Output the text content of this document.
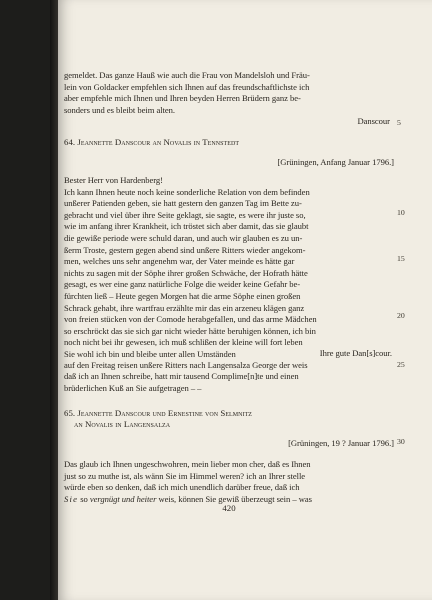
gemeldet. Das ganze Hauß wie auch die Frau von Mandelsloh und Fräu-
lein von Goldacker empfehlen sich Ihnen auf das freundschaftlichste ich
aber empfehle mich Ihnen und Ihren beyden Herren Brüdern ganz be-
sonders und es bleibt beim alten.
Danscour
64. Jeannette Danscour an Novalis in Tennstedt
[Grüningen, Anfang Januar 1796.]
Bester Herr von Hardenberg!
Ich kann Ihnen heute noch keine sonderliche Relation von dem befinden
unßerer Patienden geben, sie hatt gestern den ganzen Tag im Bette zu-
gebracht und viel über ihre Seite geklagt, sie sagte, es were ihr juste so,
wie im anfang ihrer Krankheit, ich tröstet sich aber damit, das sie glaubt
die gewiße periode were schuld daran, und auch wir glauben es zu un-
ßerm Troste, gestern gegen abend sind unßere Ritters wieder angekom-
men, welches uns sehr angenehm war, der Vater meinde es hätte gar
nichts zu sagen mit der Söphe ihrer großen Schwäche, der Hofrath hätte
gesagt, es wer eine ganz natürliche Folge die weider keine Gefahr be-
fürchten ließ – Heute gegen Morgen hat die arme Söphe einen großen
Schrack gehabt, ihre wartfrau erzählte mir das ein arzeneu klägen ganz
von freien stücken von der Comode herabgefallen, und das arme Mädchen
so erschröckt das sie sich gar nicht wieder hätte beruhigen können, ich bin
noch nicht bei ihr gewesen, ich muß schlißen der kleine will fort leben
Sie wohl ich bin und bleibe unter allen Umständen	Ihre gute Dan[s]cour.
auf den Freitag reisen unßere Ritters nach Langensalza George der weis
daß ich an Ihnen schreibe, hatt mir tausend Complime[n]te und einen
brüderlichen Kuß an Sie aufgetragen – –
65. Jeannette Danscour und Ernestine von Selmnitz
an Novalis in Langensalza
[Grüningen, 19 ? Januar 1796.]
Das glaub ich Ihnen ungeschwohren, mein lieber mon cher, daß es Ihnen
just so zu muthe ist, als wänn Sie im Himmel weren? ich an Ihrer stelle
würde eben so denken, daß ich mich unendlich darüber freue, daß ich
Sie so vergnügt und heiter weis, können Sie gewiß überzeugt sein – was
5
10
15
20
25
30
420
